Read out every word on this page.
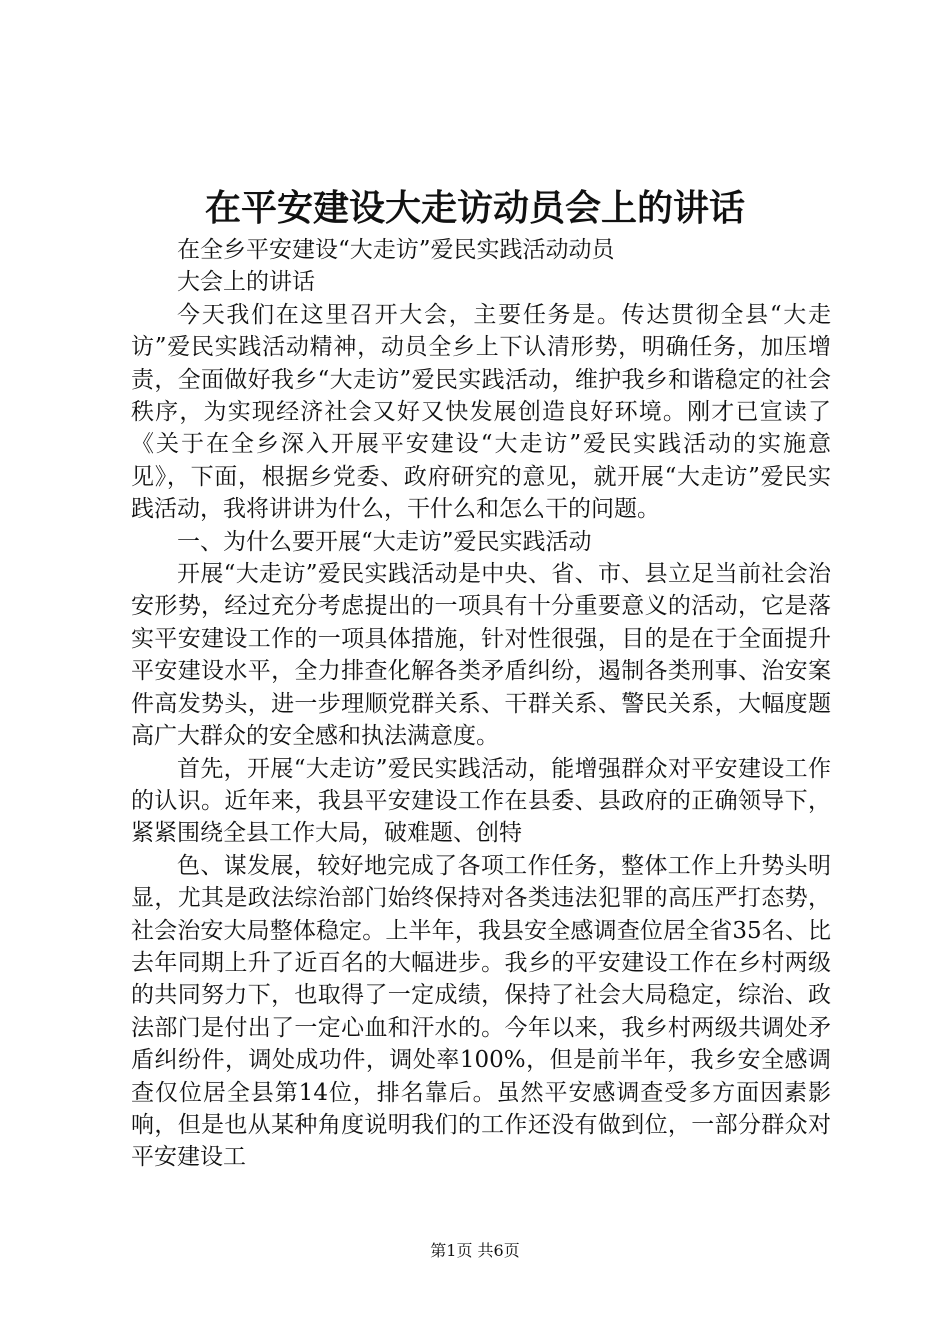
在平安建设大走访动员会上的讲话

在全乡平安建设“大走访”爱民实践活动动员

大会上的讲话

今天我们在这里召开大会，主要任务是。传达贯彻全县“大走访”爱民实践活动精神，动员全乡上下认清形势，明确任务，加压增责，全面做好我乡“大走访”爱民实践活动，维护我乡和谐稳定的社会秩序，为实现经济社会又好又快发展创造良好环境。刚才已宣读了《关于在全乡深入开展平安建设“大走访”爱民实践活动的实施意见》，下面，根据乡党委、政府研究的意见，就开展“大走访”爱民实践活动，我将讲讲为什么，干什么和怎么干的问题。

一、为什么要开展“大走访”爱民实践活动

开展“大走访”爱民实践活动是中央、省、市、县立足当前社会治安形势，经过充分考虑提出的一项具有十分重要意义的活动，它是落实平安建设工作的一项具体措施，针对性很强，目的是在于全面提升平安建设水平，全力排查化解各类矛盾纠纷，遏制各类刑事、治安案件高发势头，进一步理顺党群关系、干群关系、警民关系，大幅度题高广大群众的安全感和执法满意度。

首先，开展“大走访”爱民实践活动，能增强群众对平安建设工作的认识。近年来，我县平安建设工作在县委、县政府的正确领导下，紧紧围绕全县工作大局，破难题、创特

色、谋发展，较好地完成了各项工作任务，整体工作上升势头明显，尤其是政法综治部门始终保持对各类违法犯罪的高压严打态势，社会治安大局整体稳定。上半年，我县安全感调查位居全省35名、比去年同期上升了近百名的大幅进步。我乡的平安建设工作在乡村两级的共同努力下，也取得了一定成绩，保持了社会大局稳定，综治、政法部门是付出了一定心血和汗水的。今年以来，我乡村两级共调处矛盾纠纷件，调处成功件，调处率100%，但是前半年，我乡安全感调查仅位居全县第14位，排名靠后。虽然平安感调查受多方面因素影响，但是也从某种角度说明我们的工作还没有做到位，一部分群众对平安建设工

第1页 共6页
